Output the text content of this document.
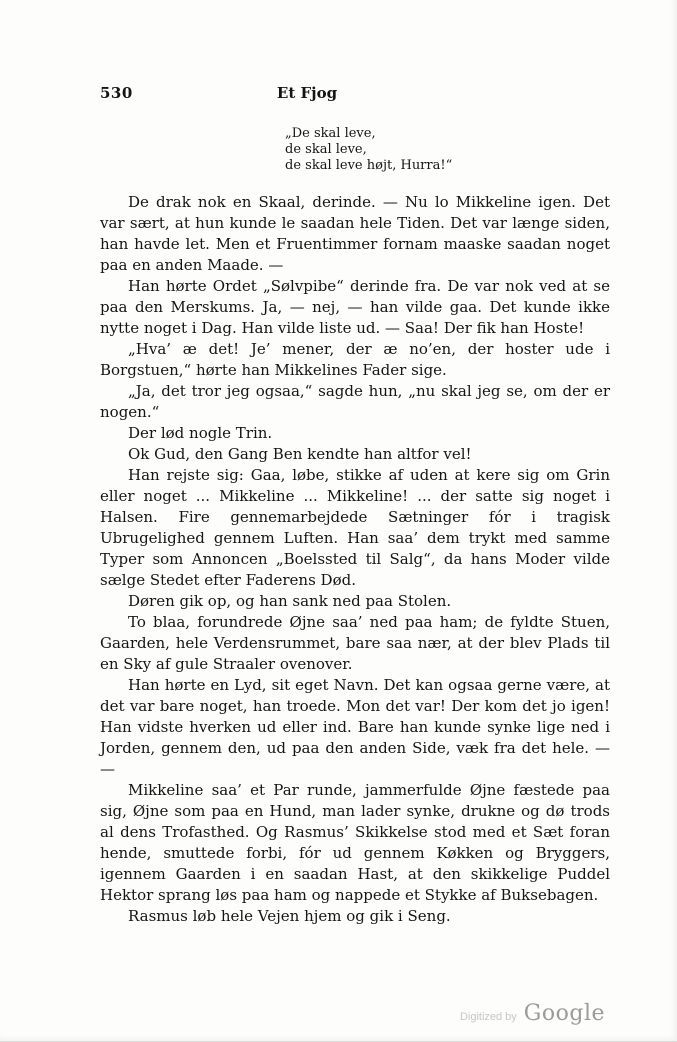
530	Et Fjog
„De skal leve,
de skal leve,
de skal leve højt, Hurra!“

De drak nok en Skaal, derinde. — Nu lo Mikkeline igen. Det var sært, at hun kunde le saadan hele Tiden. Det var længe siden, han havde let. Men et Fruentimmer fornam maaske saadan noget paa en anden Maade. —

Han hørte Ordet „Sølvpibe“ derinde fra. De var nok ved at se paa den Merskums. Ja, — nej, — han vilde gaa. Det kunde ikke nytte noget i Dag. Han vilde liste ud. — Saa! Der fik han Hoste!

„Hva’ æ det! Je’ mener, der æ no’en, der hoster ude i Borgstuen,“ hørte han Mikkelines Fader sige.

„Ja, det tror jeg ogsaa,“ sagde hun, „nu skal jeg se, om der er nogen.“

Der lød nogle Trin.

Ok Gud, den Gang Ben kendte han altfor vel!

Han rejste sig: Gaa, løbe, stikke af uden at kere sig om Grin eller noget ... Mikkeline ... Mikkeline! ... der satte sig noget i Halsen. Fire gennemarbejdede Sætninger fór i tragisk Ubrugelighed gennem Luften. Han saa’ dem trykt med samme Typer som Annoncen „Boelssted til Salg“, da hans Moder vilde sælge Stedet efter Faderens Død.

Døren gik op, og han sank ned paa Stolen.

To blaa, forundrede Øjne saa’ ned paa ham; de fyldte Stuen, Gaarden, hele Verdensrummet, bare saa nær, at der blev Plads til en Sky af gule Straaler ovenover.

Han hørte en Lyd, sit eget Navn. Det kan ogsaa gerne være, at det var bare noget, han troede. Mon det var! Der kom det jo igen! Han vidste hverken ud eller ind. Bare han kunde synke lige ned i Jorden, gennem den, ud paa den anden Side, væk fra det hele. — —

Mikkeline saa’ et Par runde, jammerfulde Øjne fæstede paa sig, Øjne som paa en Hund, man lader synke, drukne og dø trods al dens Trofasthed. Og Rasmus’ Skikkelse stod med et Sæt foran hende, smuttede forbi, fór ud gennem Køkken og Bryggers, igennem Gaarden i en saadan Hast, at den skikkelige Puddel Hektor sprang løs paa ham og nappede et Stykke af Buksebagen.

Rasmus løb hele Vejen hjem og gik i Seng.

Digitized by Google
